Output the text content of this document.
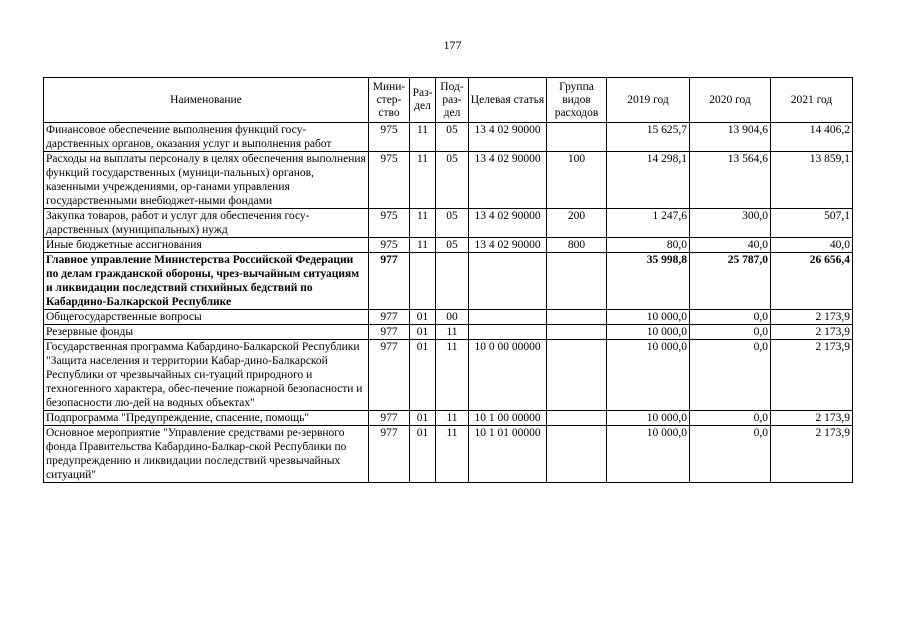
177
Наименование	Мини-стер-ство	Раз-дел	Под-раз-дел	Целевая статья	Группа видов расходов	2019 год	2020 год	2021 год
Финансовое обеспечение выполнения функций госу-дарственных органов, оказания услуг и выполнения работ	975	11	05	13 4 02 90000		15 625,7	13 904,6	14 406,2
Расходы на выплаты персоналу в целях обеспечения выполнения функций государственных (муници-пальных) органов, казенными учреждениями, ор-ганами управления государственными внебюджет-ными фондами	975	11	05	13 4 02 90000	100	14 298,1	13 564,6	13 859,1
Закупка товаров, работ и услуг для обеспечения госу-дарственных (муниципальных) нужд	975	11	05	13 4 02 90000	200	1 247,6	300,0	507,1
Иные бюджетные ассигнования	975	11	05	13 4 02 90000	800	80,0	40,0	40,0
Главное управление Министерства Российской Федерации по делам гражданской обороны, чрез-вычайным ситуациям и ликвидации последствий стихийных бедствий по Кабардино-Балкарской Республике	977					35 998,8	25 787,0	26 656,4
Общегосударственные вопросы	977	01	00			10 000,0	0,0	2 173,9
Резервные фонды	977	01	11			10 000,0	0,0	2 173,9
Государственная программа Кабардино-Балкарской Республики "Защита населения и территории Кабар-дино-Балкарской Республики от чрезвычайных си-туаций природного и техногенного характера, обес-печение пожарной безопасности и безопасности лю-дей на водных объектах"	977	01	11	10 0 00 00000		10 000,0	0,0	2 173,9
Подпрограмма "Предупреждение, спасение, помощь"	977	01	11	10 1 00 00000		10 000,0	0,0	2 173,9
Основное мероприятие "Управление средствами ре-зервного фонда Правительства Кабардино-Балкар-ской Республики по предупреждению и ликвидации последствий чрезвычайных ситуаций"	977	01	11	10 1 01 00000		10 000,0	0,0	2 173,9
